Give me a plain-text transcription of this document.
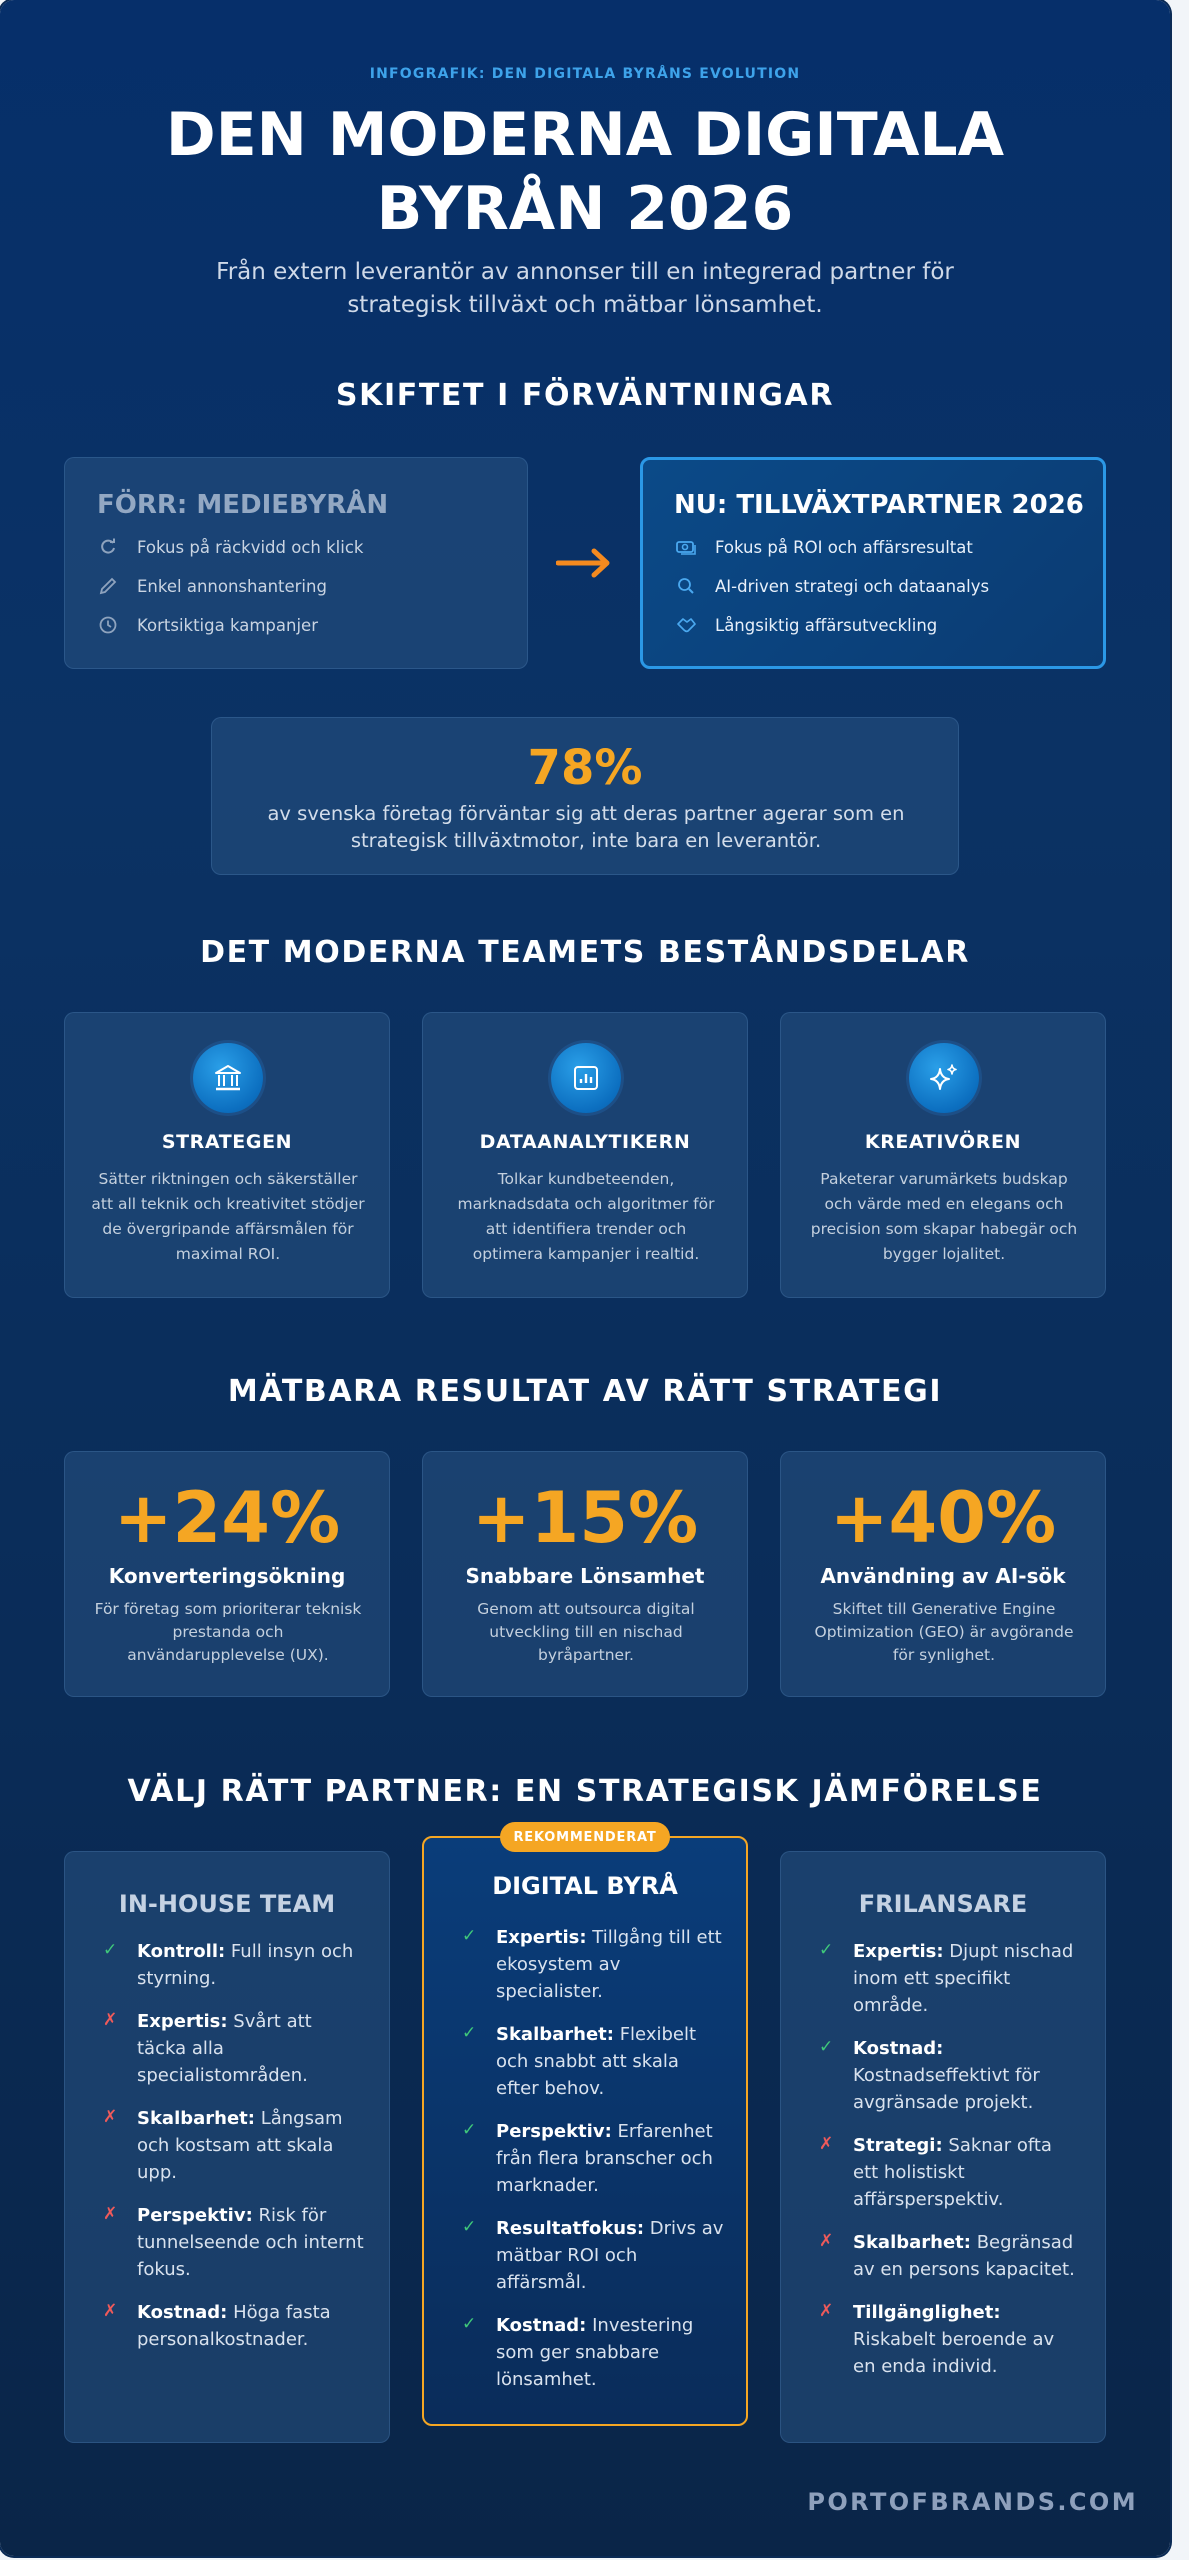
INFOGRAFIK: DEN DIGITALA BYRÅNS EVOLUTION
DEN MODERNA DIGITALA
BYRÅN 2026
Från extern leverantör av annonser till en integrerad partner för strategisk tillväxt och mätbar lönsamhet.
SKIFTET I FÖRVÄNTNINGAR
FÖRR: MEDIEBYRÅN
Fokus på räckvidd och klick
Enkel annonshantering
Kortsiktiga kampanjer
NU: TILLVÄXTPARTNER 2026
Fokus på ROI och affärsresultat
AI-driven strategi och dataanalys
Långsiktig affärsutveckling
78%
av svenska företag förväntar sig att deras partner agerar som en strategisk tillväxtmotor, inte bara en leverantör.
DET MODERNA TEAMETS BESTÅNDSDELAR
STRATEGEN
Sätter riktningen och säkerställer att all teknik och kreativitet stödjer de övergripande affärsmålen för maximal ROI.
DATAANALYTIKERN
Tolkar kundbeteenden, marknadsdata och algoritmer för att identifiera trender och optimera kampanjer i realtid.
KREATIVÖREN
Paketerar varumärkets budskap och värde med en elegans och precision som skapar habegär och bygger lojalitet.
MÄTBARA RESULTAT AV RÄTT STRATEGI
+24%
Konverteringsökning
För företag som prioriterar teknisk prestanda och användarupplevelse (UX).
+15%
Snabbare Lönsamhet
Genom att outsourca digital utveckling till en nischad byråpartner.
+40%
Användning av AI-sök
Skiftet till Generative Engine Optimization (GEO) är avgörande för synlighet.
VÄLJ RÄTT PARTNER: EN STRATEGISK JÄMFÖRELSE
IN-HOUSE TEAM
✓	Kontroll: Full insyn och styrning.
✗	Expertis: Svårt att täcka alla specialistområden.
✗	Skalbarhet: Långsam och kostsam att skala upp.
✗	Perspektiv: Risk för tunnelseende och internt fokus.
✗	Kostnad: Höga fasta personalkostnader.
REKOMMENDERAT
DIGITAL BYRÅ
✓	Expertis: Tillgång till ett ekosystem av specialister.
✓	Skalbarhet: Flexibelt och snabbt att skala efter behov.
✓	Perspektiv: Erfarenhet från flera branscher och marknader.
✓	Resultatfokus: Drivs av mätbar ROI och affärsmål.
✓	Kostnad: Investering som ger snabbare lönsamhet.
FRILANSARE
✓	Expertis: Djupt nischad inom ett specifikt område.
✓	Kostnad: Kostnadseffektivt för avgränsade projekt.
✗	Strategi: Saknar ofta ett holistiskt affärsperspektiv.
✗	Skalbarhet: Begränsad av en persons kapacitet.
✗	Tillgänglighet: Riskabelt beroende av en enda individ.
PORTOFBRANDS.COM
